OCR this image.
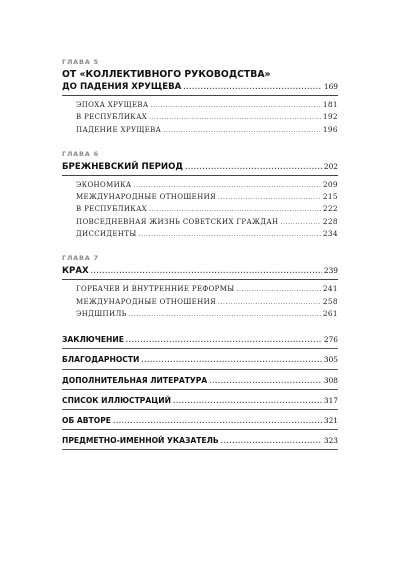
ГЛАВА 5
ОТ «КОЛЛЕКТИВНОГО РУКОВОДСТВА»
ДО ПАДЕНИЯ ХРУЩЕВА .....	169
ЭПОХА ХРУЩЕВА .....	181
В РЕСПУБЛИКАХ .....	192
ПАДЕНИЕ ХРУЩЕВА .....	196
ГЛАВА 6
БРЕЖНЕВСКИЙ ПЕРИОД .....	202
ЭКОНОМИКА .....	209
МЕЖДУНАРОДНЫЕ ОТНОШЕНИЯ .....	215
В РЕСПУБЛИКАХ .....	222
ПОВСЕДНЕВНАЯ ЖИЗНЬ СОВЕТСКИХ ГРАЖДАН .....	228
ДИССИДЕНТЫ .....	234
ГЛАВА 7
КРАХ .....	239
ГОРБАЧЕВ И ВНУТРЕННИЕ РЕФОРМЫ .....	241
МЕЖДУНАРОДНЫЕ ОТНОШЕНИЯ .....	258
ЭНДШПИЛЬ .....	261
ЗАКЛЮЧЕНИЕ .....	276
БЛАГОДАРНОСТИ .....	305
ДОПОЛНИТЕЛЬНАЯ ЛИТЕРАТУРА .....	308
СПИСОК ИЛЛЮСТРАЦИЙ .....	317
ОБ АВТОРЕ .....	321
ПРЕДМЕТНО-ИМЕННОЙ УКАЗАТЕЛЬ .....	323
